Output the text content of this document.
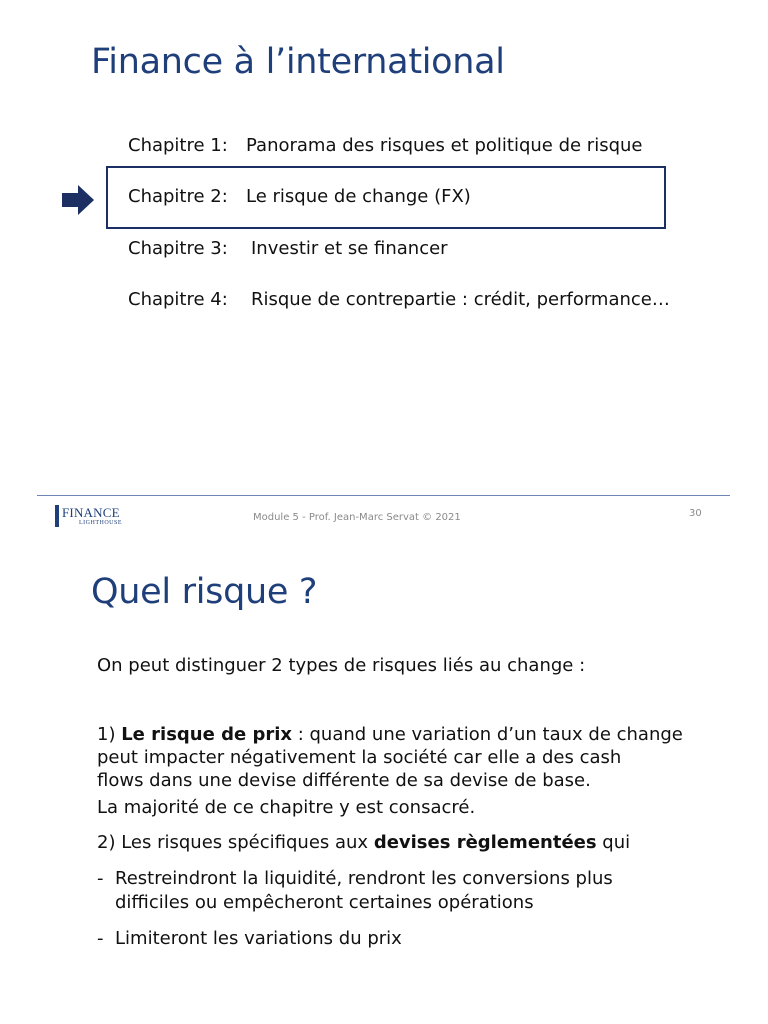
Finance à l’international
Chapitre 1: Panorama des risques et politique de risque
Chapitre 2: Le risque de change (FX)
Chapitre 3: Investir et se financer
Chapitre 4: Risque de contrepartie : crédit, performance…
FINANCE
LIGHTHOUSE	Module 5 - Prof. Jean-Marc Servat © 2021	30
Quel risque ?
On peut distinguer 2 types de risques liés au change :
1) Le risque de prix : quand une variation d’un taux de change
peut impacter négativement la société car elle a des cash
flows dans une devise différente de sa devise de base.
La majorité de ce chapitre y est consacré.
2) Les risques spécifiques aux devises règlementées qui
- Restreindront la liquidité, rendront les conversions plus
difficiles ou empêcheront certaines opérations
- Limiteront les variations du prix
